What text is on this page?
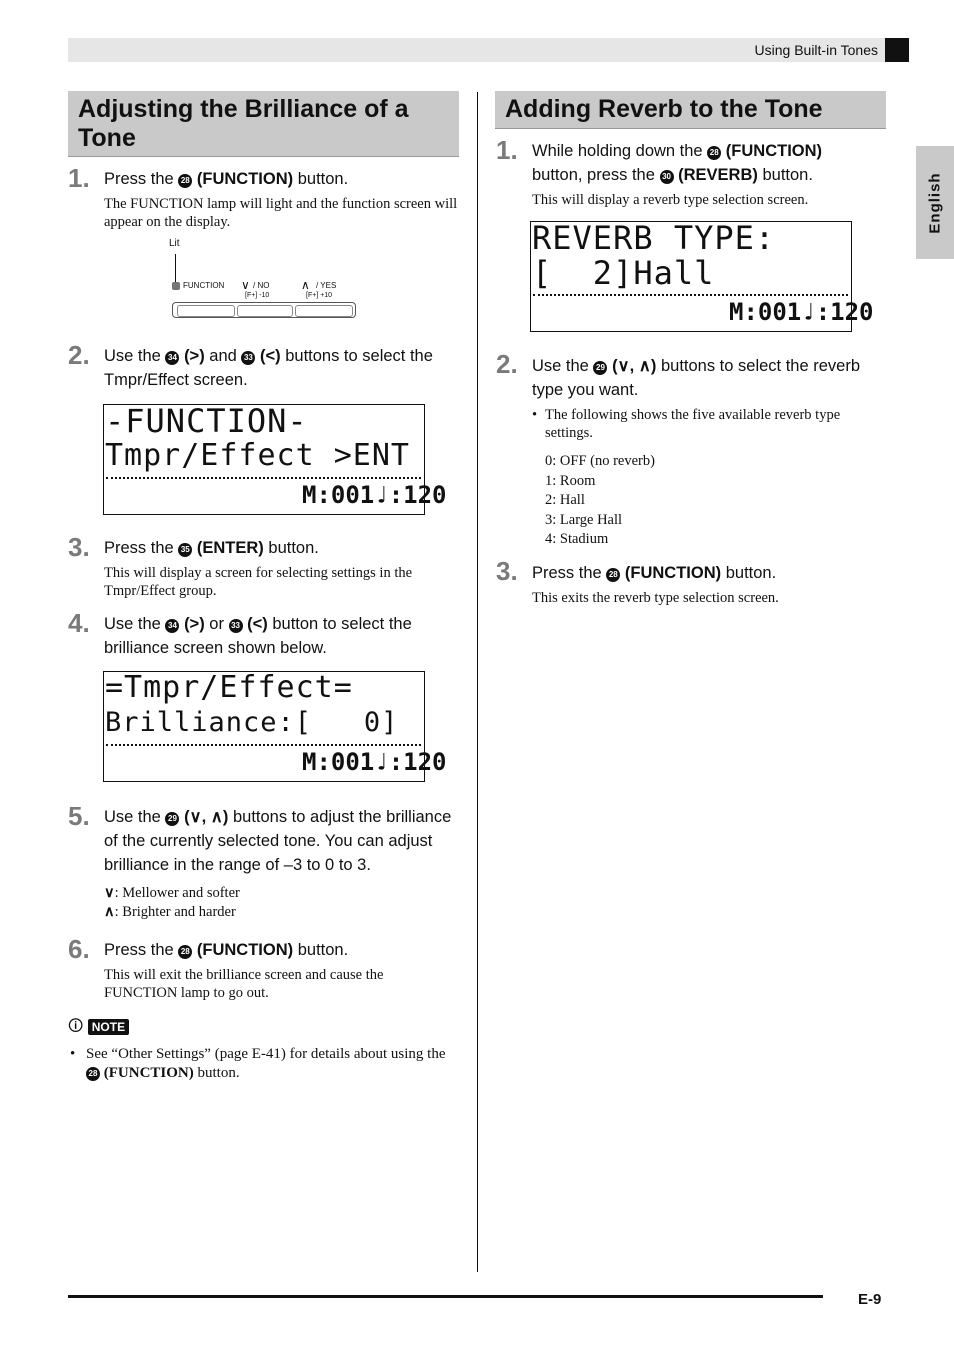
Using Built-in Tones
English
Adjusting the Brilliance of a Tone
1. Press the 28 (FUNCTION) button.
The FUNCTION lamp will light and the function screen will appear on the display.
Lit
FUNCTION ∨ / NO
[F+] -10
∧ / YES
[F+] +10
2. Use the 34 (>) and 33 (<) buttons to select the Tmpr/Effect screen.
-FUNCTION-
Tmpr/Effect >ENT
M:001♩:120
3. Press the 35 (ENTER) button.
This will display a screen for selecting settings in the Tmpr/Effect group.
4. Use the 34 (>) or 33 (<) button to select the brilliance screen shown below.
=Tmpr/Effect=
Brilliance:[   0]
M:001♩:120
5. Use the 29 (∨, ∧) buttons to adjust the brilliance of the currently selected tone. You can adjust brilliance in the range of –3 to 0 to 3.
∨: Mellower and softer
∧: Brighter and harder
6. Press the 28 (FUNCTION) button.
This will exit the brilliance screen and cause the FUNCTION lamp to go out.
🛈 NOTE
• See “Other Settings” (page E-41) for details about using the 28 (FUNCTION) button.
Adding Reverb to the Tone
1. While holding down the 28 (FUNCTION) button, press the 30 (REVERB) button.
This will display a reverb type selection screen.
REVERB TYPE:
[  2]Hall
M:001♩:120
2. Use the 29 (∨, ∧) buttons to select the reverb type you want.
• The following shows the five available reverb type settings.
0: OFF (no reverb)
1: Room
2: Hall
3: Large Hall
4: Stadium
3. Press the 28 (FUNCTION) button.
This exits the reverb type selection screen.
E-9
